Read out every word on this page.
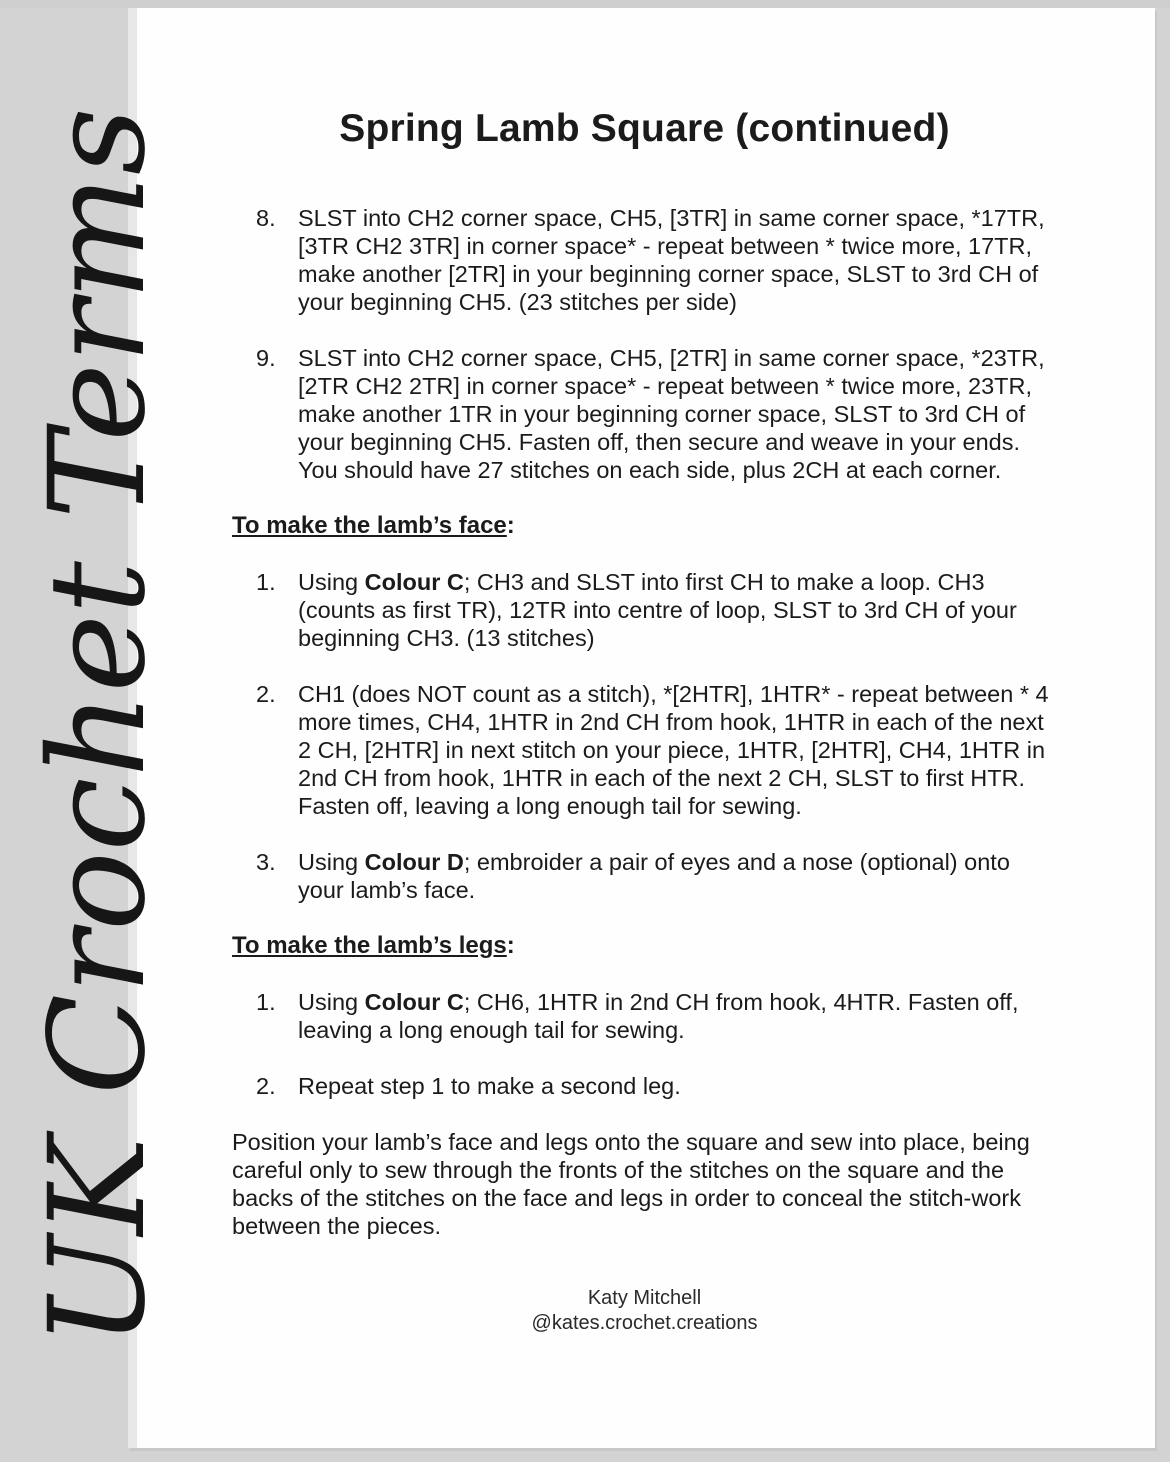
Spring Lamb Square (continued)
8. SLST into CH2 corner space, CH5, [3TR] in same corner space, *17TR, [3TR CH2 3TR] in corner space* - repeat between * twice more, 17TR, make another [2TR] in your beginning corner space, SLST to 3rd CH of your beginning CH5. (23 stitches per side)
9. SLST into CH2 corner space, CH5, [2TR] in same corner space, *23TR, [2TR CH2 2TR] in corner space* - repeat between * twice more, 23TR, make another 1TR in your beginning corner space, SLST to 3rd CH of your beginning CH5. Fasten off, then secure and weave in your ends. You should have 27 stitches on each side, plus 2CH at each corner.
To make the lamb’s face:
1. Using Colour C; CH3 and SLST into first CH to make a loop. CH3 (counts as first TR), 12TR into centre of loop, SLST to 3rd CH of your beginning CH3. (13 stitches)
2. CH1 (does NOT count as a stitch), *[2HTR], 1HTR* - repeat between * 4 more times, CH4, 1HTR in 2nd CH from hook, 1HTR in each of the next 2 CH, [2HTR] in next stitch on your piece, 1HTR, [2HTR], CH4, 1HTR in 2nd CH from hook, 1HTR in each of the next 2 CH, SLST to first HTR. Fasten off, leaving a long enough tail for sewing.
3. Using Colour D; embroider a pair of eyes and a nose (optional) onto your lamb’s face.
To make the lamb’s legs:
1. Using Colour C; CH6, 1HTR in 2nd CH from hook, 4HTR. Fasten off, leaving a long enough tail for sewing.
2. Repeat step 1 to make a second leg.

Position your lamb’s face and legs onto the square and sew into place, being careful only to sew through the fronts of the stitches on the square and the backs of the stitches on the face and legs in order to conceal the stitch-work between the pieces.

Katy Mitchell
@kates.crochet.creations
UK Crochet Terms
